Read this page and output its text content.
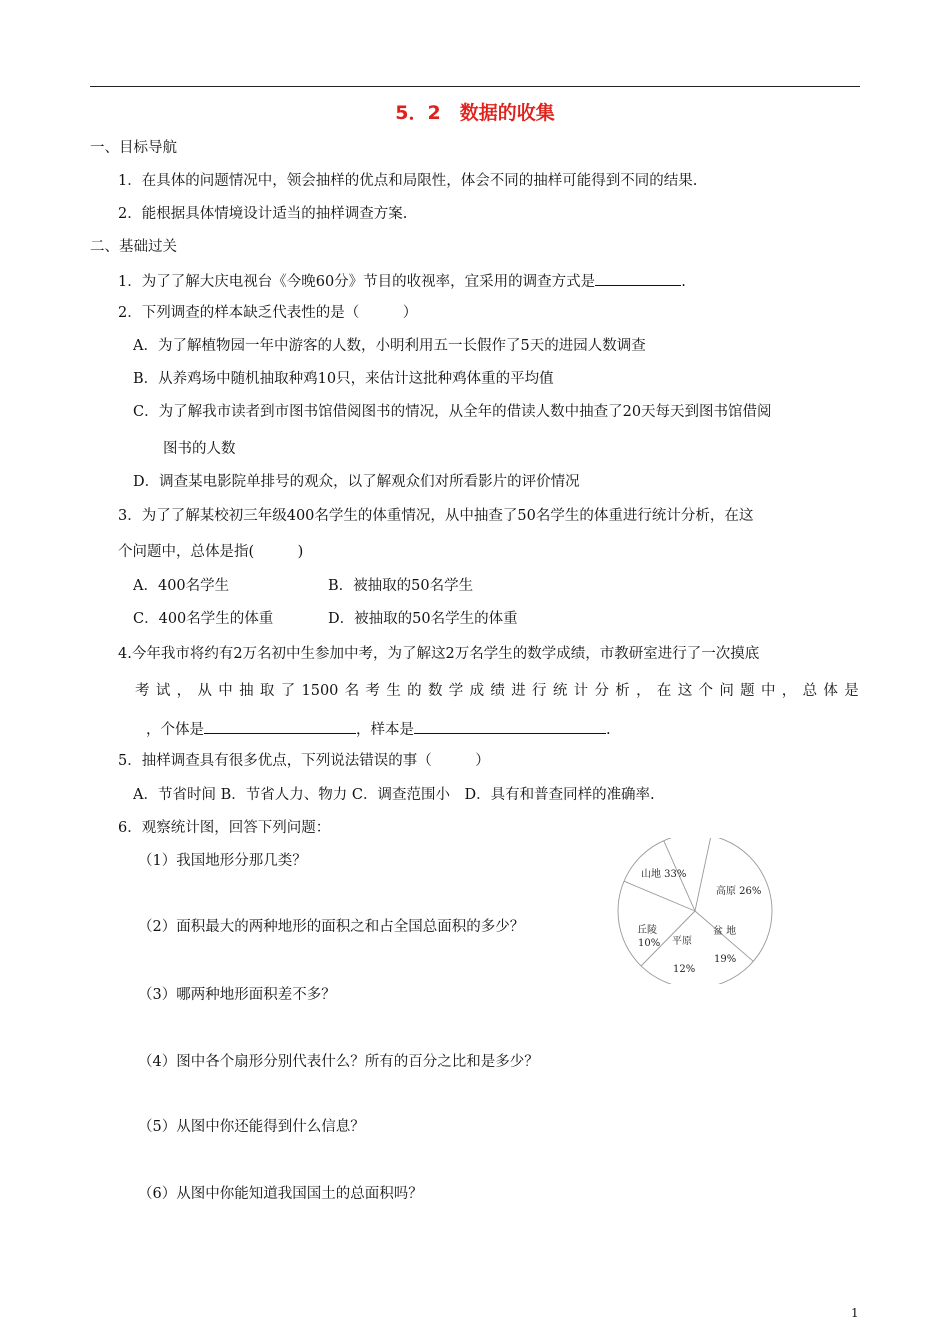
5．2　数据的收集
一、目标导航
1．在具体的问题情况中，领会抽样的优点和局限性，体会不同的抽样可能得到不同的结果.
2．能根据具体情境设计适当的抽样调查方案.
二、基础过关
1．为了了解大庆电视台《今晚60分》节目的收视率，宜采用的调查方式是	.
2．下列调查的样本缺乏代表性的是（　　　）
A．为了解植物园一年中游客的人数，小明利用五一长假作了5天的进园人数调查
B．从养鸡场中随机抽取种鸡10只，来估计这批种鸡体重的平均值
C．为了解我市读者到市图书馆借阅图书的情况，从全年的借读人数中抽查了20天每天到图书馆借阅
图书的人数
D．调查某电影院单排号的观众，以了解观众们对所看影片的评价情况
3．为了了解某校初三年级400名学生的体重情况，从中抽查了50名学生的体重进行统计分析，在这
个问题中，总体是指(　　　)
A．400名学生	B．被抽取的50名学生
C．400名学生的体重	D．被抽取的50名学生的体重
4.今年我市将约有2万名初中生参加中考，为了解这2万名学生的数学成绩，市教研室进行了一次摸底
考 试 ， 从 中 抽 取 了 1500 名 考 生 的 数 学 成 绩 进 行 统 计 分 析 ， 在 这 个 问 题 中 ， 总 体 是
，个体是	，样本是	.
5．抽样调查具有很多优点，下列说法错误的事（　　　）
A．节省时间 B．节省人力、物力 C．调查范围小　D．具有和普查同样的准确率.
6．观察统计图，回答下列问题：
（1）我国地形分那几类？
（2）面积最大的两种地形的面积之和占全国总面积的多少？
（3）哪两种地形面积差不多？
（4）图中各个扇形分别代表什么？所有的百分之比和是多少？
（5）从图中你还能得到什么信息？
（6）从图中你能知道我国国土的总面积吗？
山地 33%
高原 26%
盆 地
19%
平原
12%
丘陵
10%
1
